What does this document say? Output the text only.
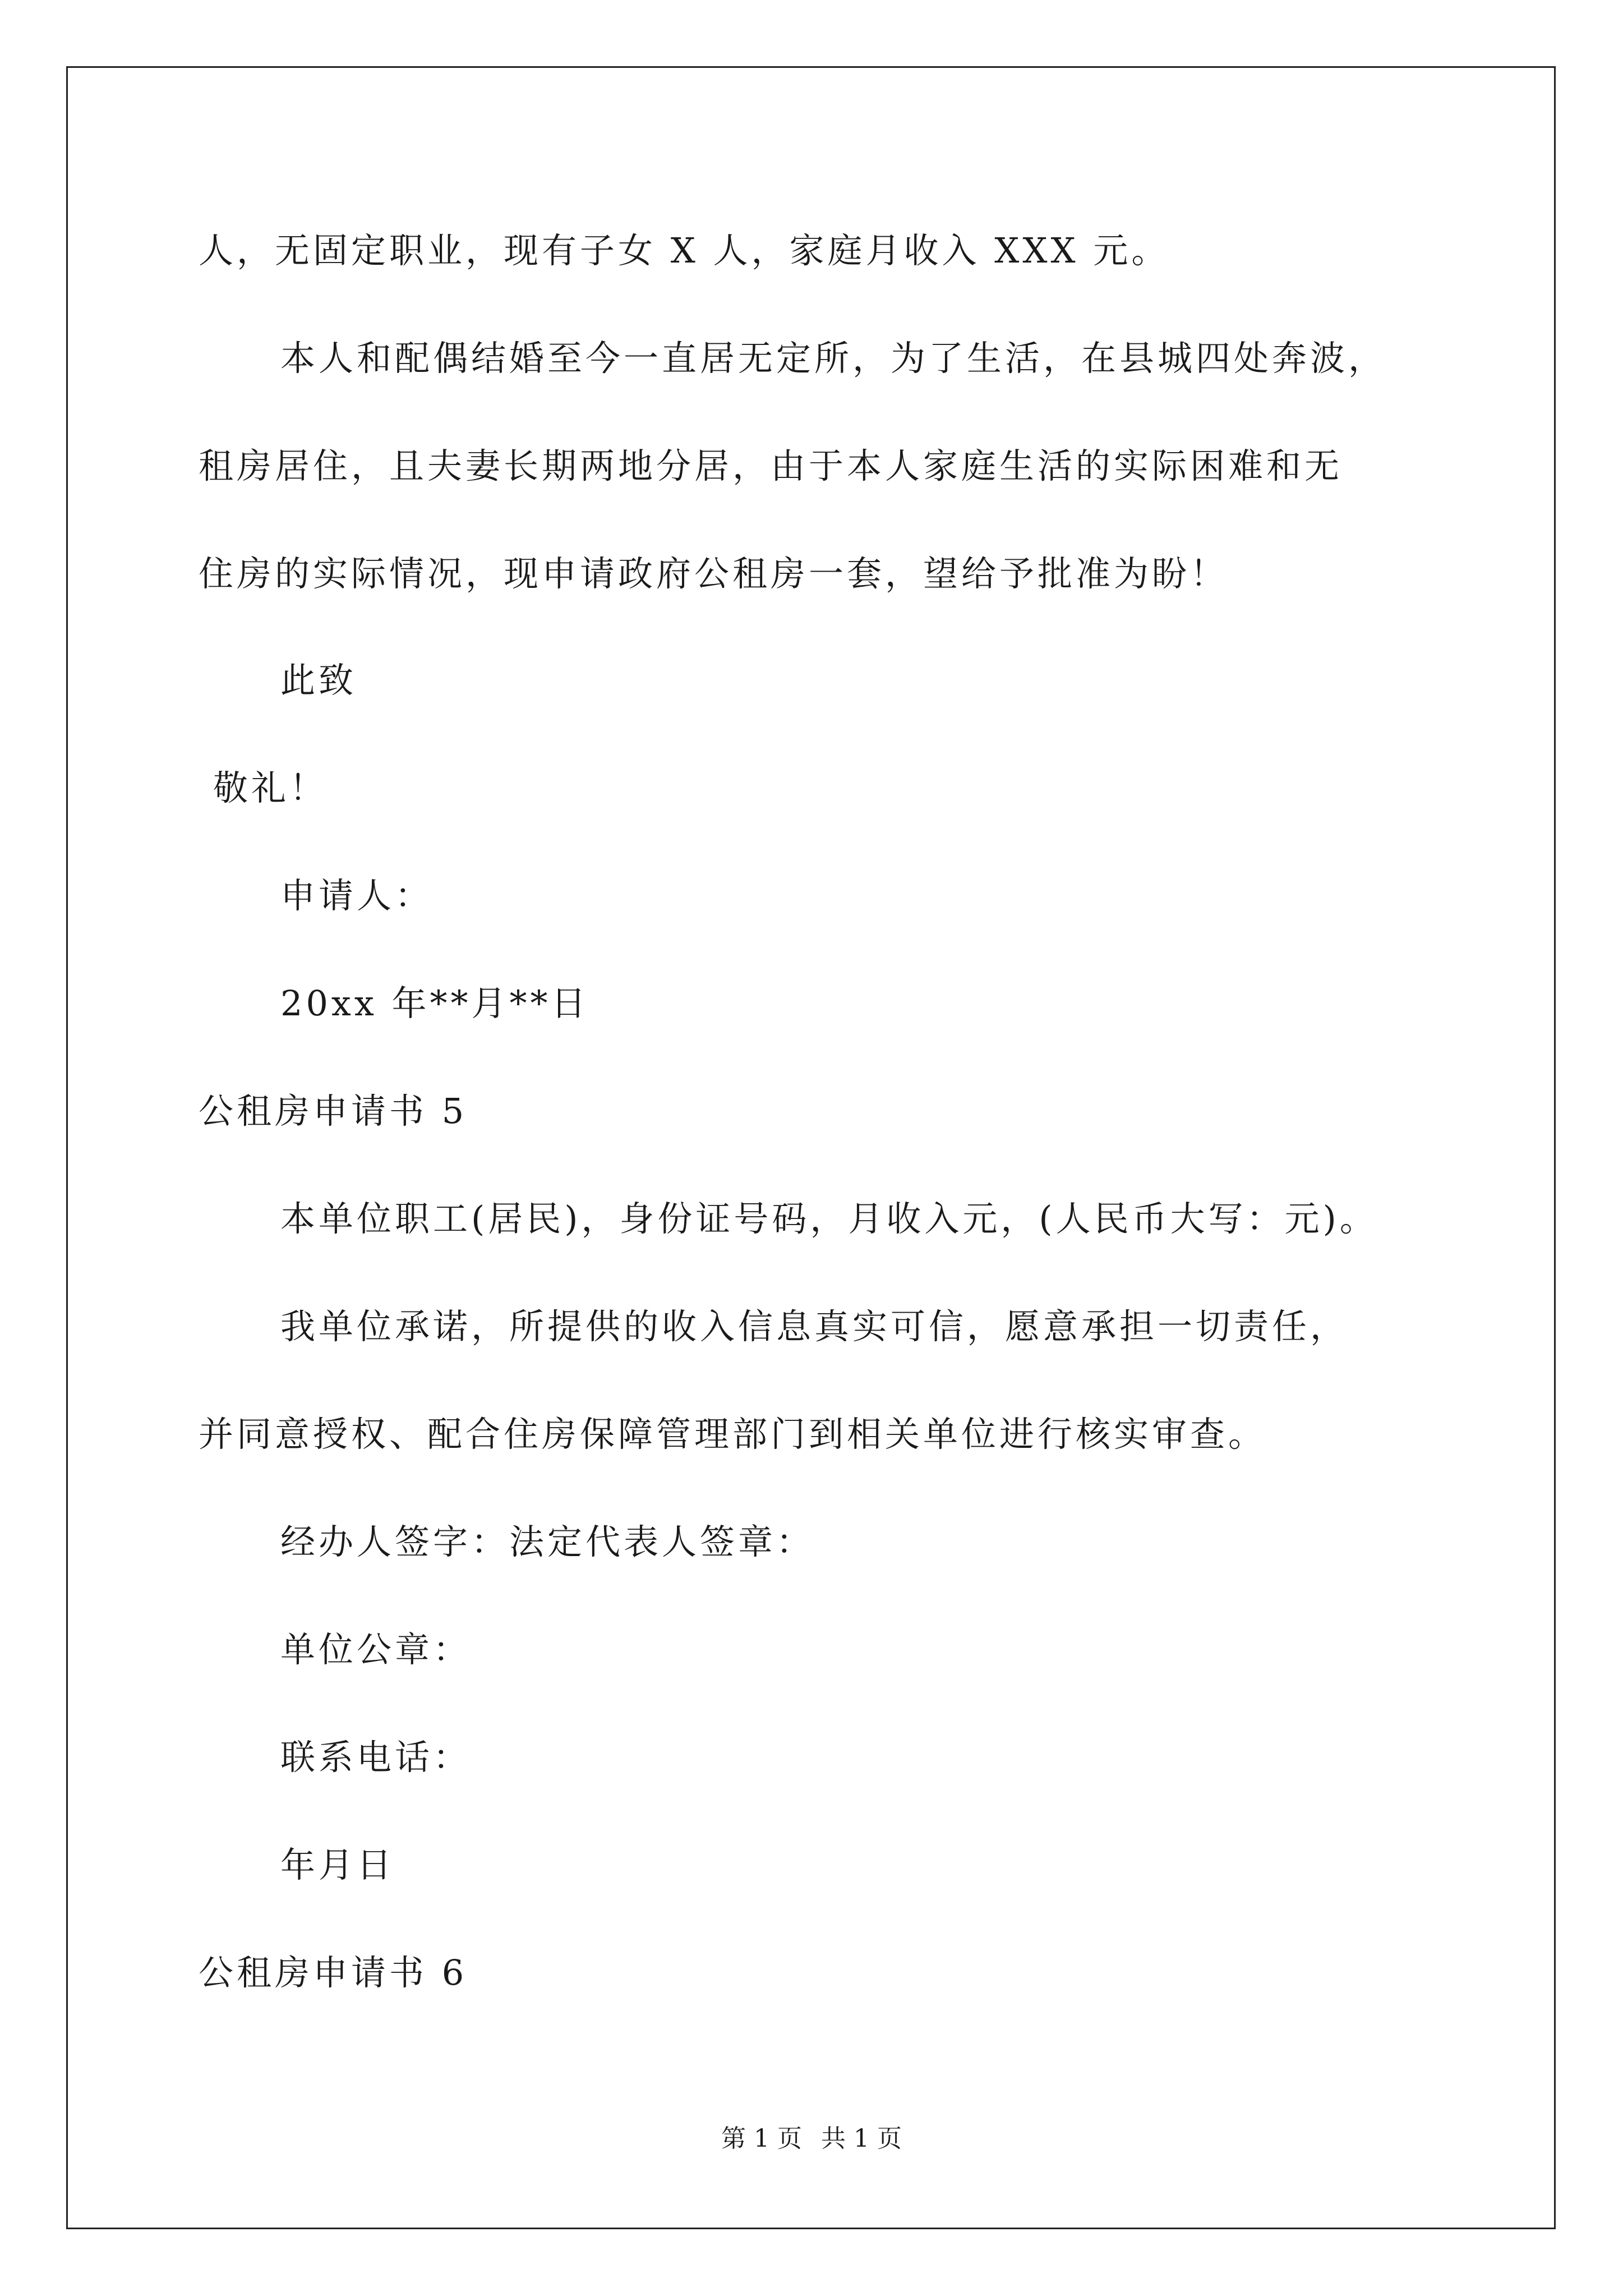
人，无固定职业，现有子女 X 人，家庭月收入 XXX 元。
本人和配偶结婚至今一直居无定所，为了生活，在县城四处奔波，
租房居住，且夫妻长期两地分居，由于本人家庭生活的实际困难和无
住房的实际情况，现申请政府公租房一套，望给予批准为盼！
此致
敬礼！
申请人：
20xx 年**月**日
公租房申请书 5
本单位职工(居民)，身份证号码，月收入元，(人民币大写：元)。
我单位承诺，所提供的收入信息真实可信，愿意承担一切责任，
并同意授权、配合住房保障管理部门到相关单位进行核实审查。
经办人签字：法定代表人签章：
单位公章：
联系电话：
年月日
公租房申请书 6
第 1 页 共 1 页
